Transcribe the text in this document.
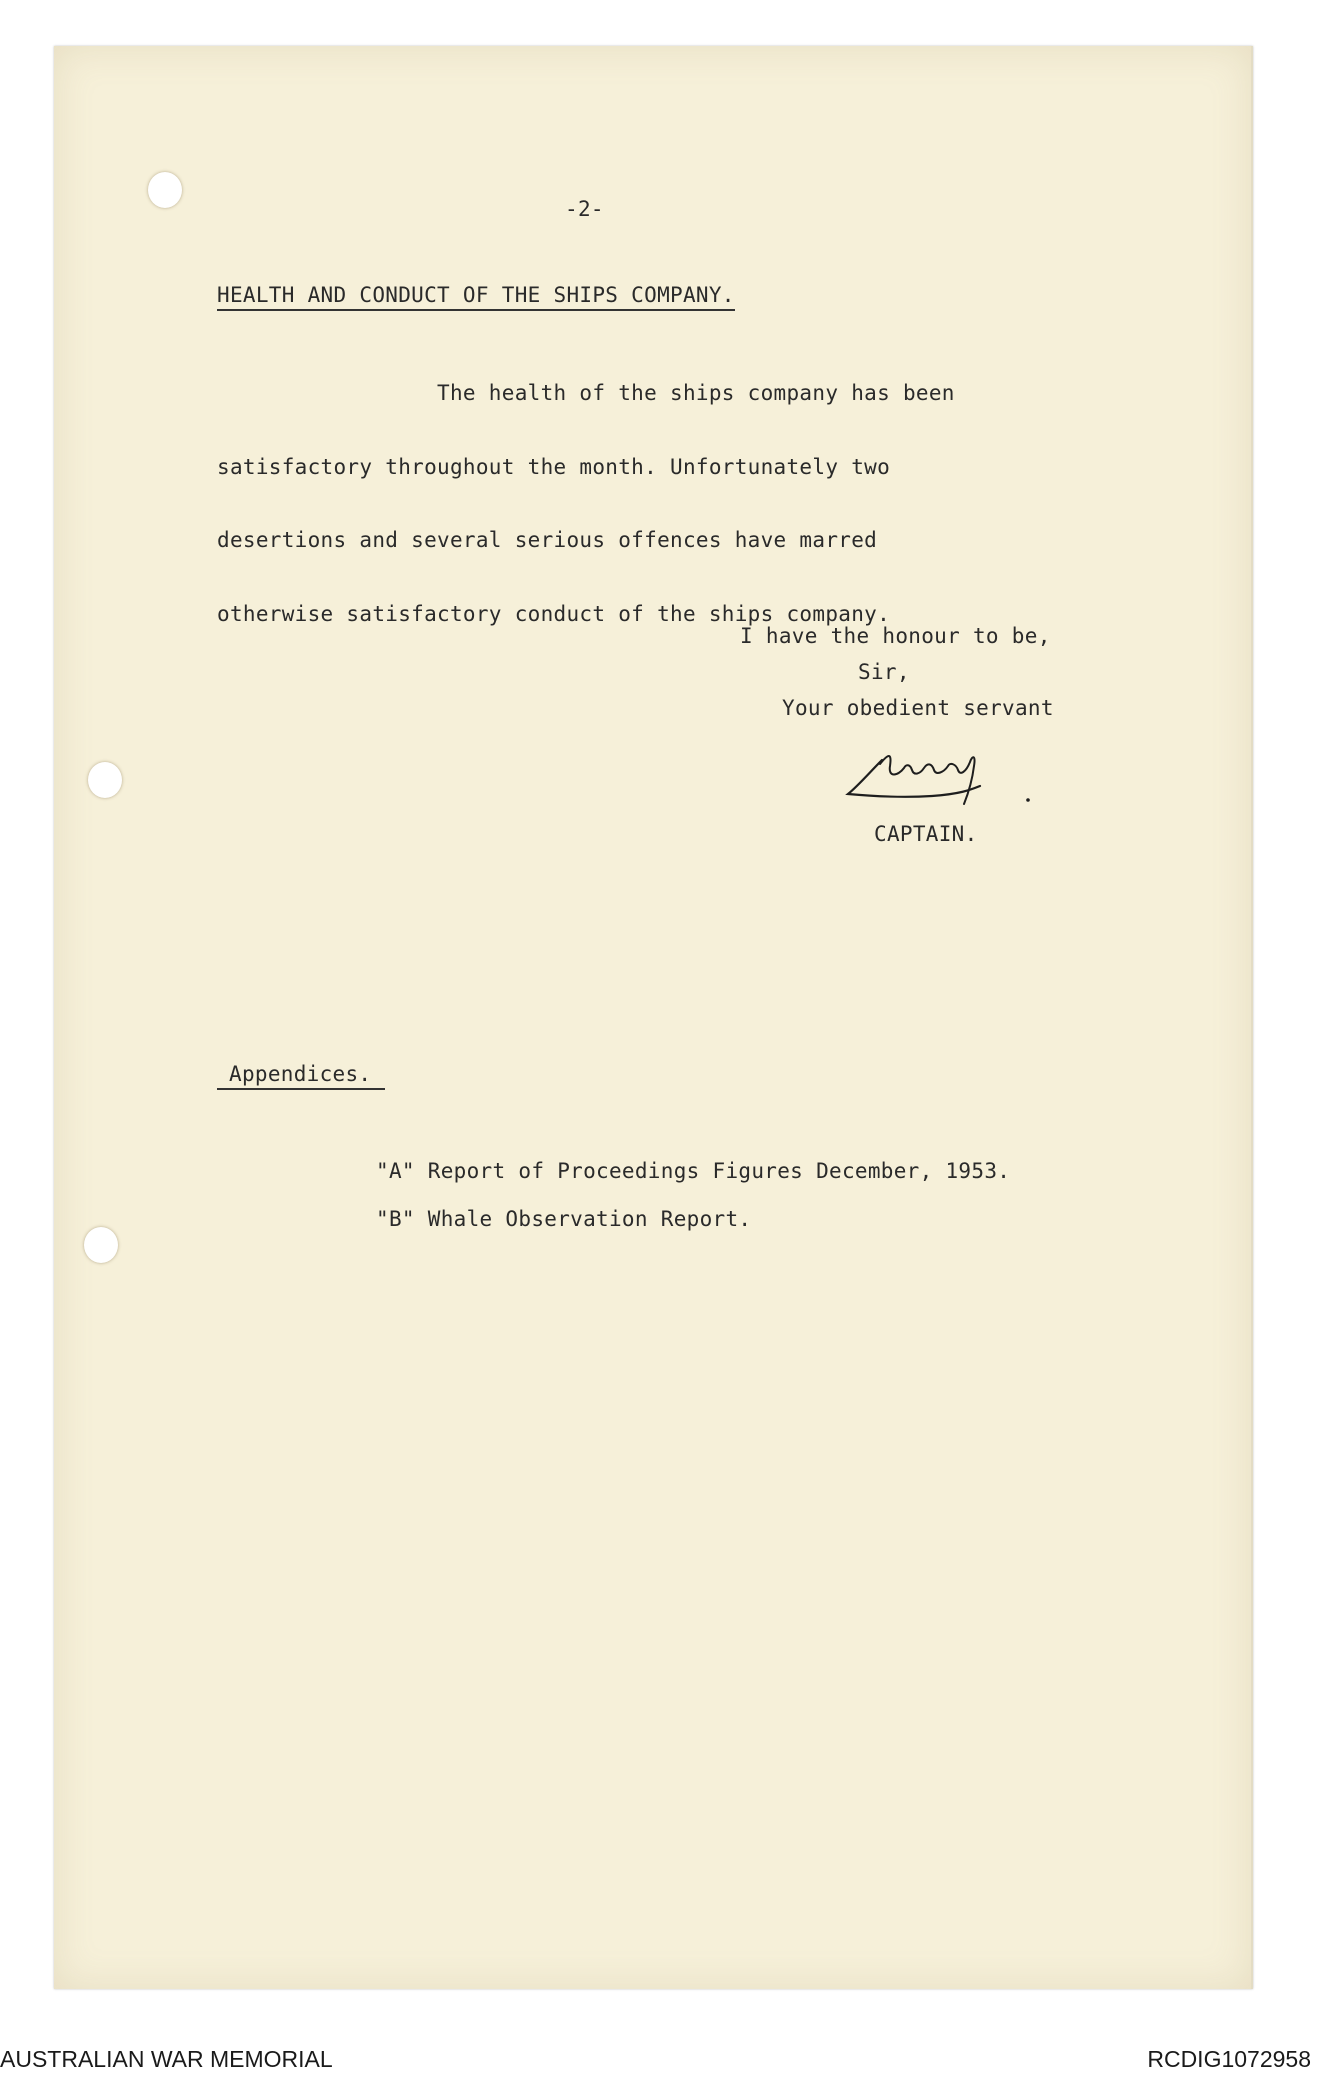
-2-
HEALTH AND CONDUCT OF THE SHIPS COMPANY.

The health of the ships company has been

satisfactory throughout the month. Unfortunately two

desertions and several serious offences have marred

otherwise satisfactory conduct of the ships company.

I have the honour to be,
Sir,
Your obedient servant
CAPTAIN.
Appendices.
"A" Report of Proceedings Figures December, 1953.
"B" Whale Observation Report.
AUSTRALIAN WAR MEMORIAL	RCDIG1072958
